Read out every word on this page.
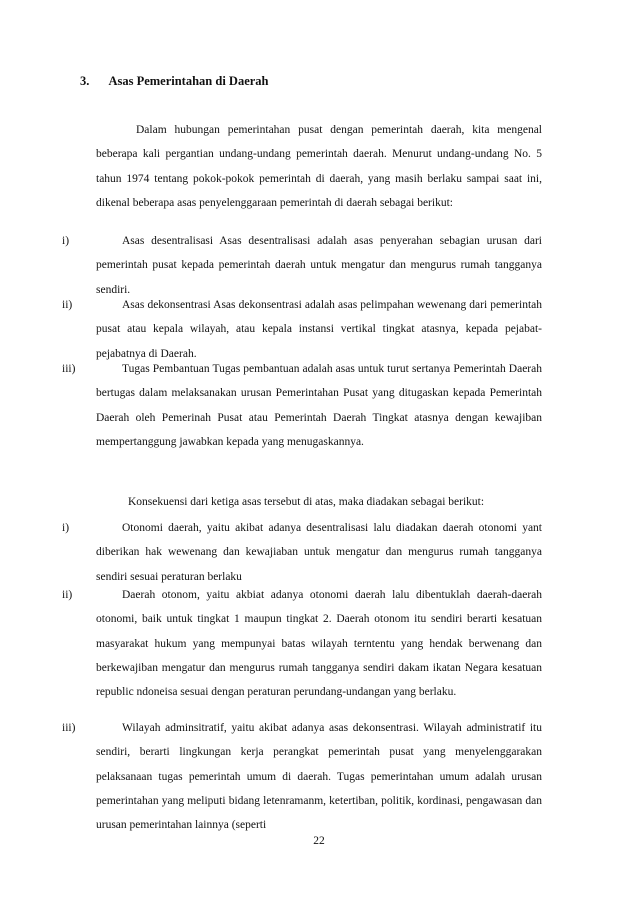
3. Asas Pemerintahan di Daerah
Dalam hubungan pemerintahan pusat dengan pemerintah daerah, kita mengenal beberapa kali pergantian undang-undang pemerintah daerah. Menurut undang-undang No. 5 tahun 1974 tentang pokok-pokok pemerintah di daerah, yang masih berlaku sampai saat ini, dikenal beberapa asas penyelenggaraan pemerintah di daerah sebagai berikut:
i)	Asas desentralisasi Asas desentralisasi adalah asas penyerahan sebagian urusan dari pemerintah pusat kepada pemerintah daerah untuk mengatur dan mengurus rumah tangganya sendiri.
ii)	Asas dekonsentrasi Asas dekonsentrasi adalah asas pelimpahan wewenang dari pemerintah pusat atau kepala wilayah, atau kepala instansi vertikal tingkat atasnya, kepada pejabat-pejabatnya di Daerah.
iii)	Tugas Pembantuan Tugas pembantuan adalah asas untuk turut sertanya Pemerintah Daerah bertugas dalam melaksanakan urusan Pemerintahan Pusat yang ditugaskan kepada Pemerintah Daerah oleh Pemerinah Pusat atau Pemerintah Daerah Tingkat atasnya dengan kewajiban mempertanggung jawabkan kepada yang menugaskannya.
Konsekuensi dari ketiga asas tersebut di atas, maka diadakan sebagai berikut:
i)	Otonomi daerah, yaitu akibat adanya desentralisasi lalu diadakan daerah otonomi yant diberikan hak wewenang dan kewajiaban untuk mengatur dan mengurus rumah tangganya sendiri sesuai peraturan berlaku
ii)	Daerah otonom, yaitu akbiat adanya otonomi daerah lalu dibentuklah daerah-daerah otonomi, baik untuk tingkat 1 maupun tingkat 2. Daerah otonom itu sendiri berarti kesatuan masyarakat hukum yang mempunyai batas wilayah terntentu yang hendak berwenang dan berkewajiban mengatur dan mengurus rumah tangganya sendiri dakam ikatan Negara kesatuan republic ndoneisa sesuai dengan peraturan perundang-undangan yang berlaku.
iii)	Wilayah adminsitratif, yaitu akibat adanya asas dekonsentrasi. Wilayah administratif itu sendiri, berarti lingkungan kerja perangkat pemerintah pusat yang menyelenggarakan pelaksanaan tugas pemerintah umum di daerah. Tugas pemerintahan umum adalah urusan pemerintahan yang meliputi bidang letenramanm, ketertiban, politik, kordinasi, pengawasan dan urusan pemerintahan lainnya (seperti
22
